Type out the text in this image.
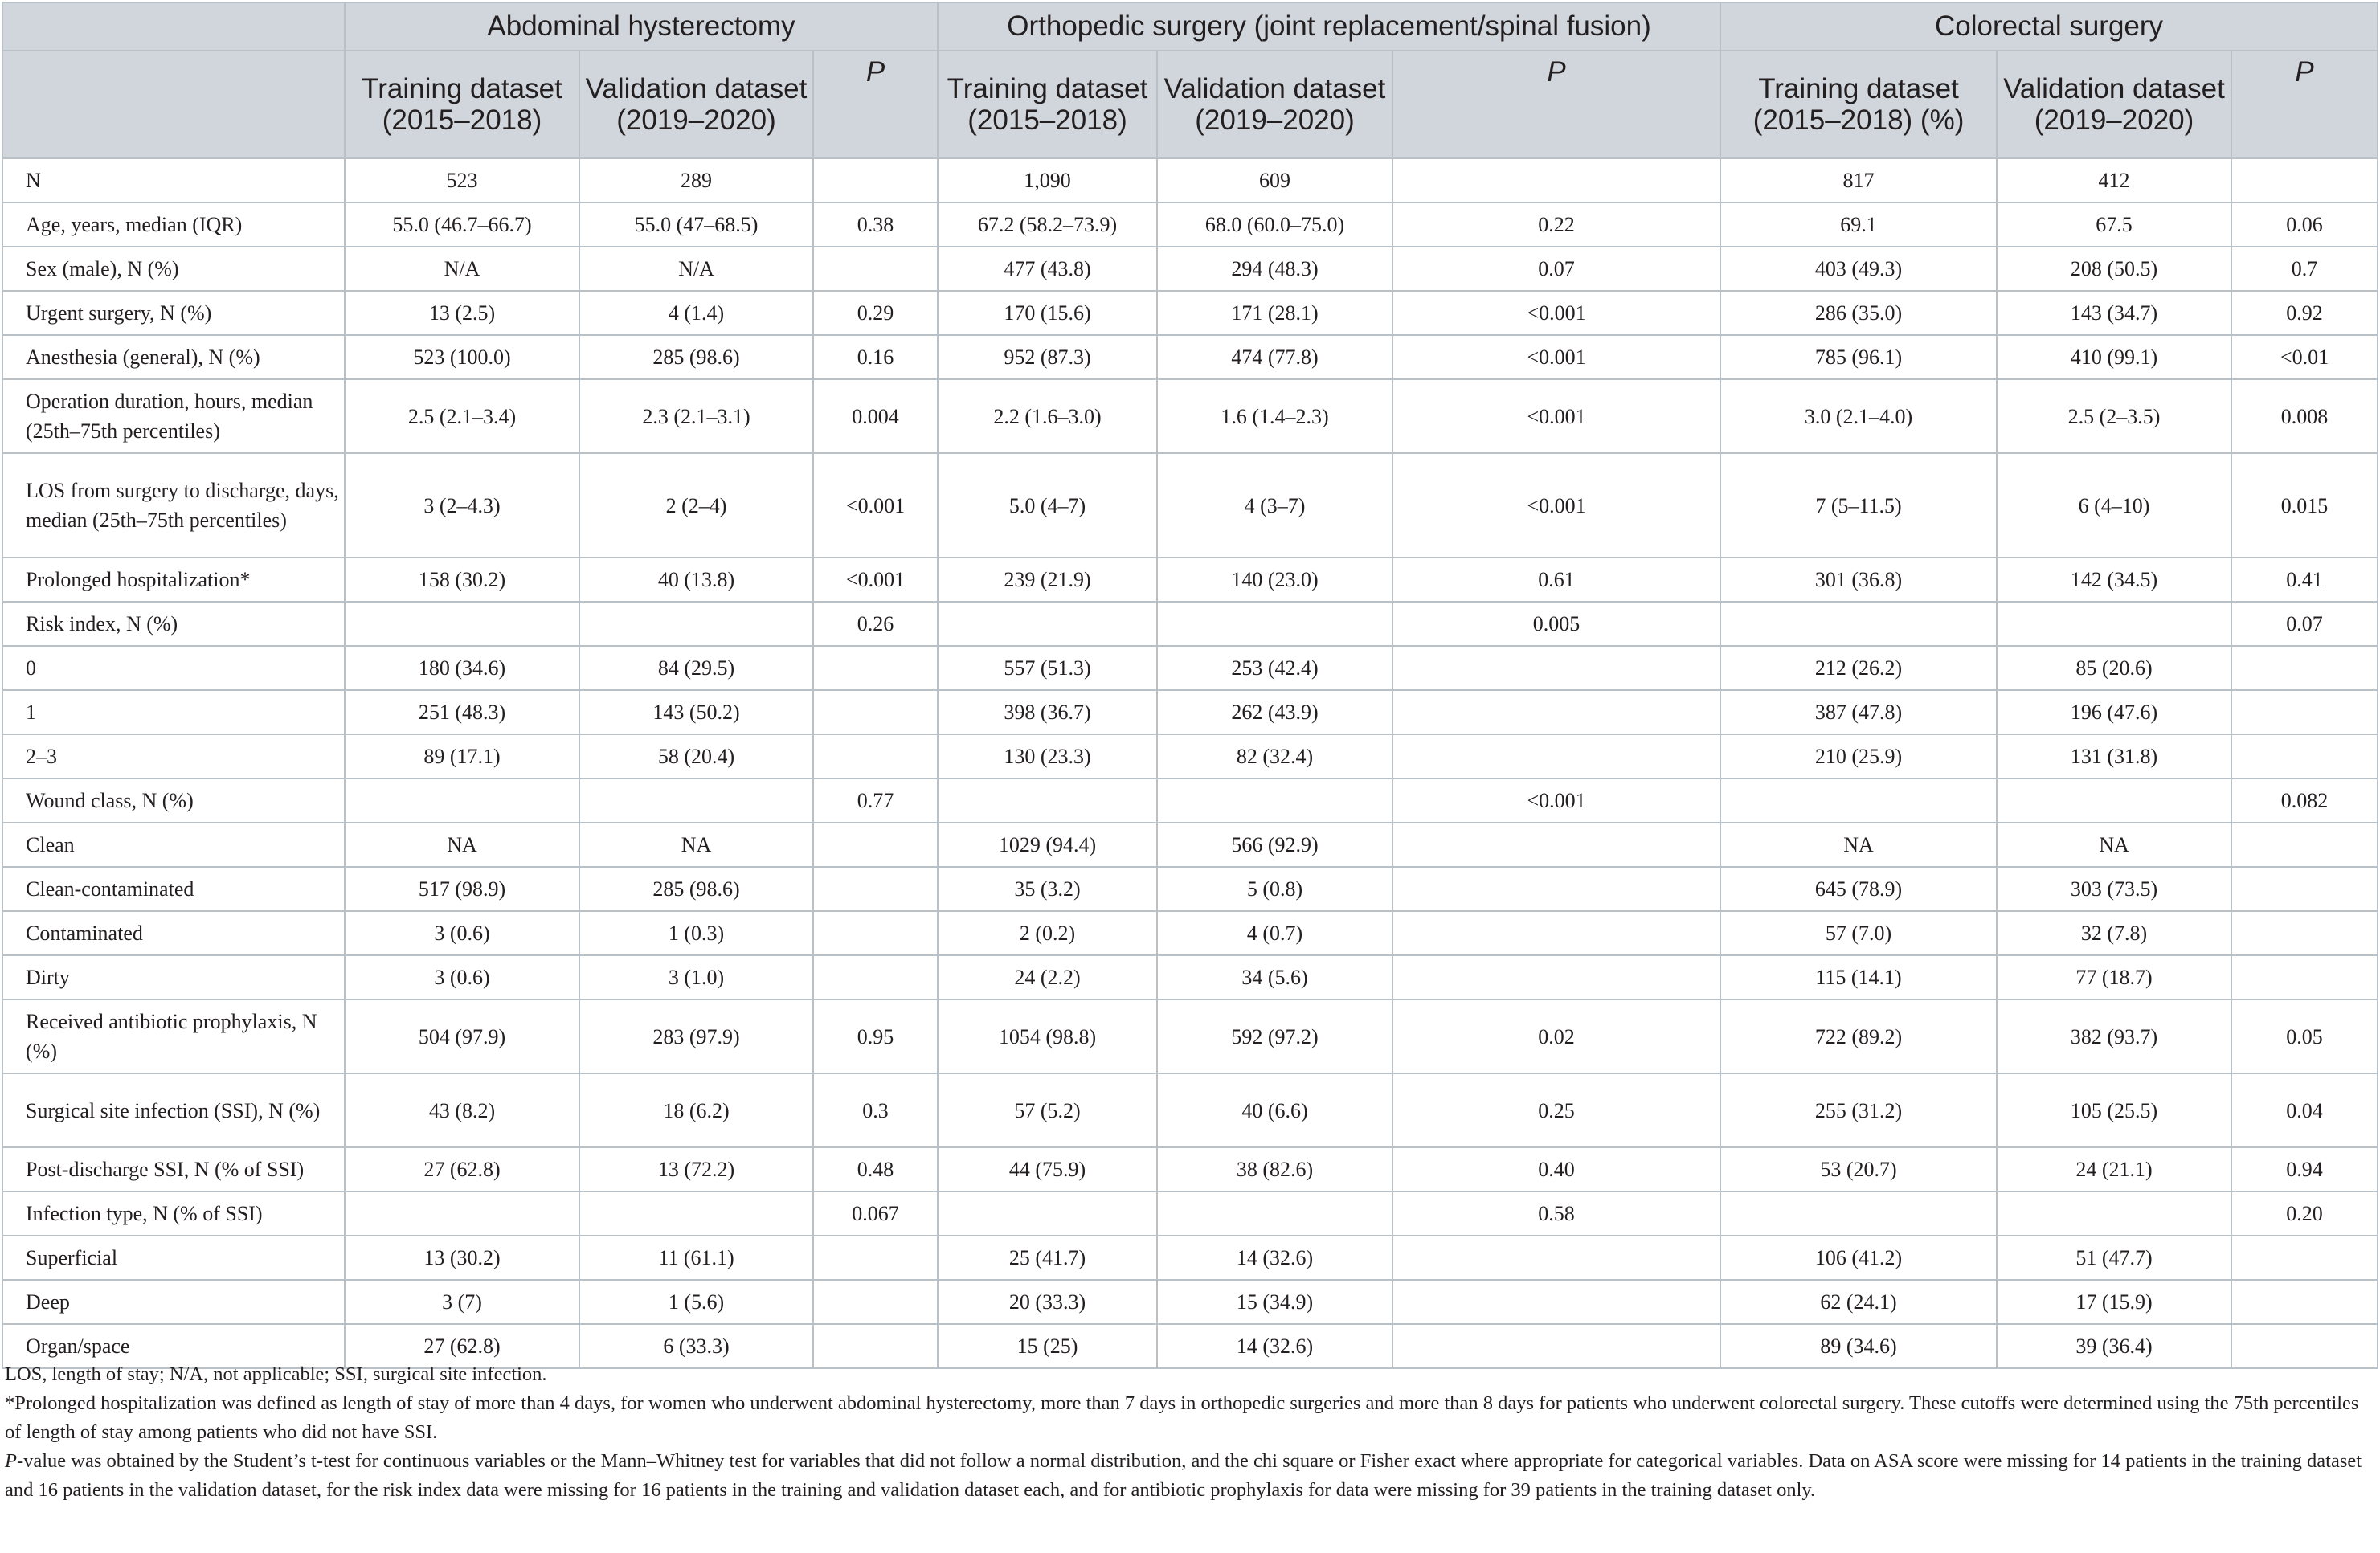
	Abdominal hysterectomy			Orthopedic surgery (joint replacement/spinal fusion)			Colorectal surgery		
	Training dataset (2015–2018)	Validation dataset (2019–2020)	P	Training dataset (2015–2018)	Validation dataset (2019–2020)	P	Training dataset (2015–2018) (%)	Validation dataset (2019–2020)	P
N	523	289		1,090	609		817	412	
Age, years, median (IQR)	55.0 (46.7–66.7)	55.0 (47–68.5)	0.38	67.2 (58.2–73.9)	68.0 (60.0–75.0)	0.22	69.1	67.5	0.06
Sex (male), N (%)	N/A	N/A		477 (43.8)	294 (48.3)	0.07	403 (49.3)	208 (50.5)	0.7
Urgent surgery, N (%)	13 (2.5)	4 (1.4)	0.29	170 (15.6)	171 (28.1)	<0.001	286 (35.0)	143 (34.7)	0.92
Anesthesia (general), N (%)	523 (100.0)	285 (98.6)	0.16	952 (87.3)	474 (77.8)	<0.001	785 (96.1)	410 (99.1)	<0.01
Operation duration, hours, median (25th–75th percentiles)	2.5 (2.1–3.4)	2.3 (2.1–3.1)	0.004	2.2 (1.6–3.0)	1.6 (1.4–2.3)	<0.001	3.0 (2.1–4.0)	2.5 (2–3.5)	0.008
LOS from surgery to discharge, days, median (25th–75th percentiles)	3 (2–4.3)	2 (2–4)	<0.001	5.0 (4–7)	4 (3–7)	<0.001	7 (5–11.5)	6 (4–10)	0.015
Prolonged hospitalization*	158 (30.2)	40 (13.8)	<0.001	239 (21.9)	140 (23.0)	0.61	301 (36.8)	142 (34.5)	0.41
Risk index, N (%)			0.26			0.005			0.07
0	180 (34.6)	84 (29.5)		557 (51.3)	253 (42.4)		212 (26.2)	85 (20.6)	
1	251 (48.3)	143 (50.2)		398 (36.7)	262 (43.9)		387 (47.8)	196 (47.6)	
2–3	89 (17.1)	58 (20.4)		130 (23.3)	82 (32.4)		210 (25.9)	131 (31.8)	
Wound class, N (%)			0.77			<0.001			0.082
Clean	NA	NA		1029 (94.4)	566 (92.9)		NA	NA	
Clean-contaminated	517 (98.9)	285 (98.6)		35 (3.2)	5 (0.8)		645 (78.9)	303 (73.5)	
Contaminated	3 (0.6)	1 (0.3)		2 (0.2)	4 (0.7)		57 (7.0)	32 (7.8)	
Dirty	3 (0.6)	3 (1.0)		24 (2.2)	34 (5.6)		115 (14.1)	77 (18.7)	
Received antibiotic prophylaxis, N (%)	504 (97.9)	283 (97.9)	0.95	1054 (98.8)	592 (97.2)	0.02	722 (89.2)	382 (93.7)	0.05
Surgical site infection (SSI), N (%)	43 (8.2)	18 (6.2)	0.3	57 (5.2)	40 (6.6)	0.25	255 (31.2)	105 (25.5)	0.04
Post-discharge SSI, N (% of SSI)	27 (62.8)	13 (72.2)	0.48	44 (75.9)	38 (82.6)	0.40	53 (20.7)	24 (21.1)	0.94
Infection type, N (% of SSI)			0.067			0.58			0.20
Superficial	13 (30.2)	11 (61.1)		25 (41.7)	14 (32.6)		106 (41.2)	51 (47.7)	
Deep	3 (7)	1 (5.6)		20 (33.3)	15 (34.9)		62 (24.1)	17 (15.9)	
Organ/space	27 (62.8)	6 (33.3)		15 (25)	14 (32.6)		89 (34.6)	39 (36.4)	

LOS, length of stay; N/A, not applicable; SSI, surgical site infection.

*Prolonged hospitalization was defined as length of stay of more than 4 days, for women who underwent abdominal hysterectomy, more than 7 days in orthopedic surgeries and more than 8 days for patients who underwent colorectal surgery. These cutoffs were determined using the 75th percentiles of length of stay among patients who did not have SSI.

P-value was obtained by the Student’s t-test for continuous variables or the Mann–Whitney test for variables that did not follow a normal distribution, and the chi square or Fisher exact where appropriate for categorical variables. Data on ASA score were missing for 14 patients in the training dataset and 16 patients in the validation dataset, for the risk index data were missing for 16 patients in the training and validation dataset each, and for antibiotic prophylaxis for data were missing for 39 patients in the training dataset only.
